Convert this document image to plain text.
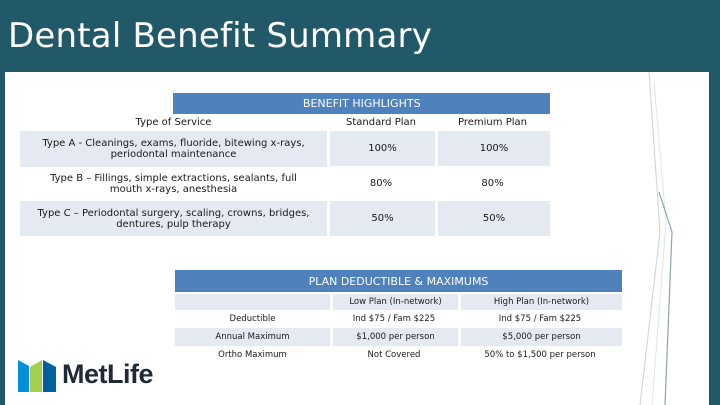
Dental Benefit Summary
	BENEFIT HIGHLIGHTS		
Type of Service		Standard Plan	Premium Plan
Type A - Cleanings, exams, fluoride, bitewing x-rays, periodontal maintenance		100%	100%
Type B – Fillings, simple extractions, sealants, full mouth x-rays, anesthesia		80%	80%
Type C – Periodontal surgery, scaling, crowns, bridges, dentures, pulp therapy		50%	50%
PLAN DEDUCTIBLE & MAXIMUMS		
	Low Plan (In-network)	High Plan (In-network)
Deductible	Ind $75 / Fam $225	Ind $75 / Fam $225
Annual Maximum	$1,000 per person	$5,000 per person
Ortho Maximum	Not Covered	50% to $1,500 per person
MetLife
